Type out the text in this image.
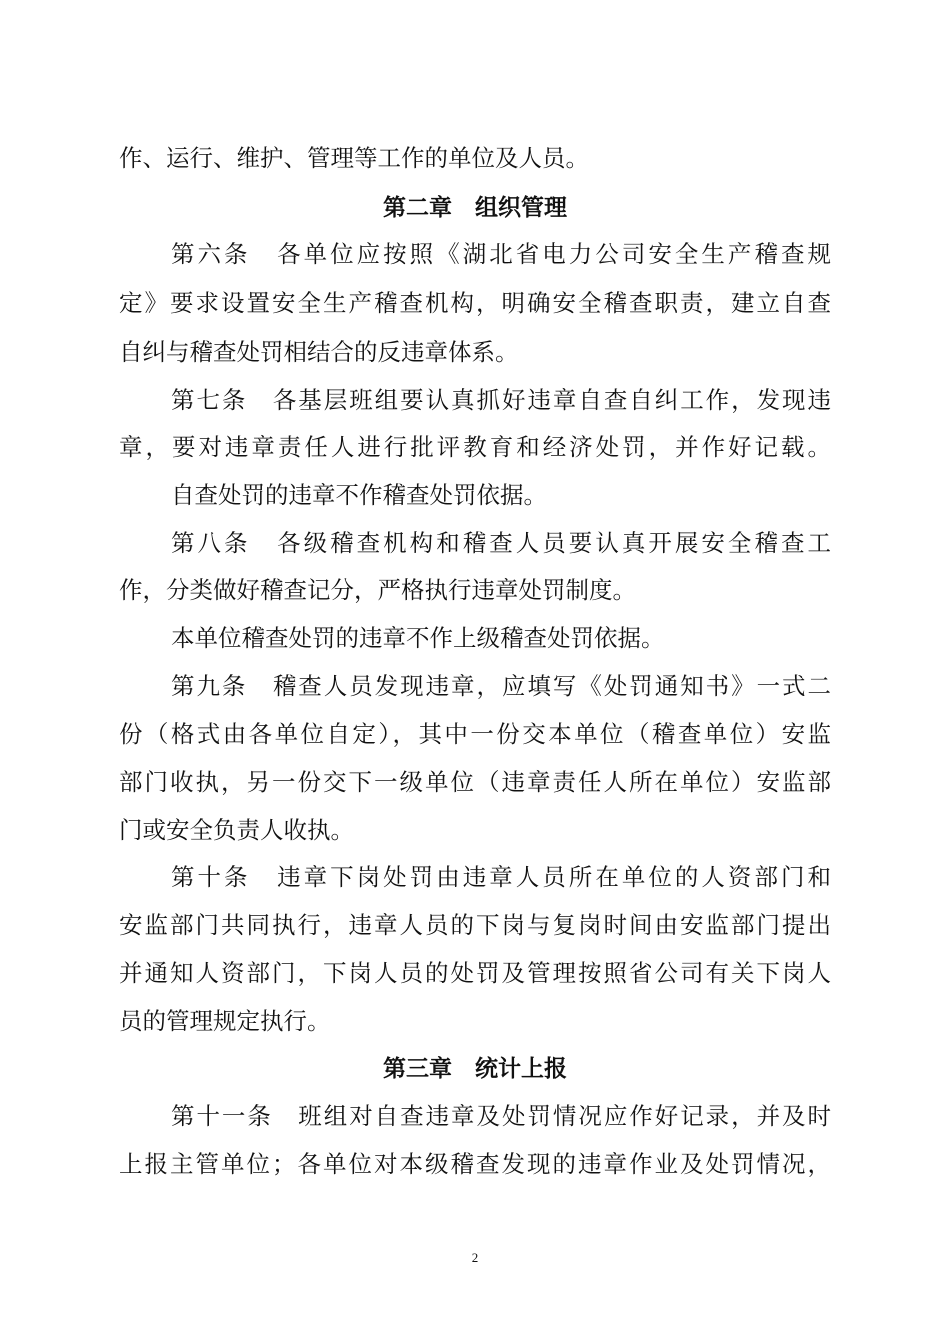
作、运行、维护、管理等工作的单位及人员。
第二章　组织管理
第六条　各单位应按照《湖北省电力公司安全生产稽查规
定》要求设置安全生产稽查机构，明确安全稽查职责，建立自查
自纠与稽查处罚相结合的反违章体系。
第七条　各基层班组要认真抓好违章自查自纠工作，发现违
章，要对违章责任人进行批评教育和经济处罚，并作好记载。
自查处罚的违章不作稽查处罚依据。
第八条　各级稽查机构和稽查人员要认真开展安全稽查工
作，分类做好稽查记分，严格执行违章处罚制度。
本单位稽查处罚的违章不作上级稽查处罚依据。
第九条　稽查人员发现违章，应填写《处罚通知书》一式二
份（格式由各单位自定），其中一份交本单位（稽查单位）安监
部门收执，另一份交下一级单位（违章责任人所在单位）安监部
门或安全负责人收执。
第十条　违章下岗处罚由违章人员所在单位的人资部门和
安监部门共同执行，违章人员的下岗与复岗时间由安监部门提出
并通知人资部门，下岗人员的处罚及管理按照省公司有关下岗人
员的管理规定执行。
第三章　统计上报
第十一条　班组对自查违章及处罚情况应作好记录，并及时
上报主管单位；各单位对本级稽查发现的违章作业及处罚情况，
2
